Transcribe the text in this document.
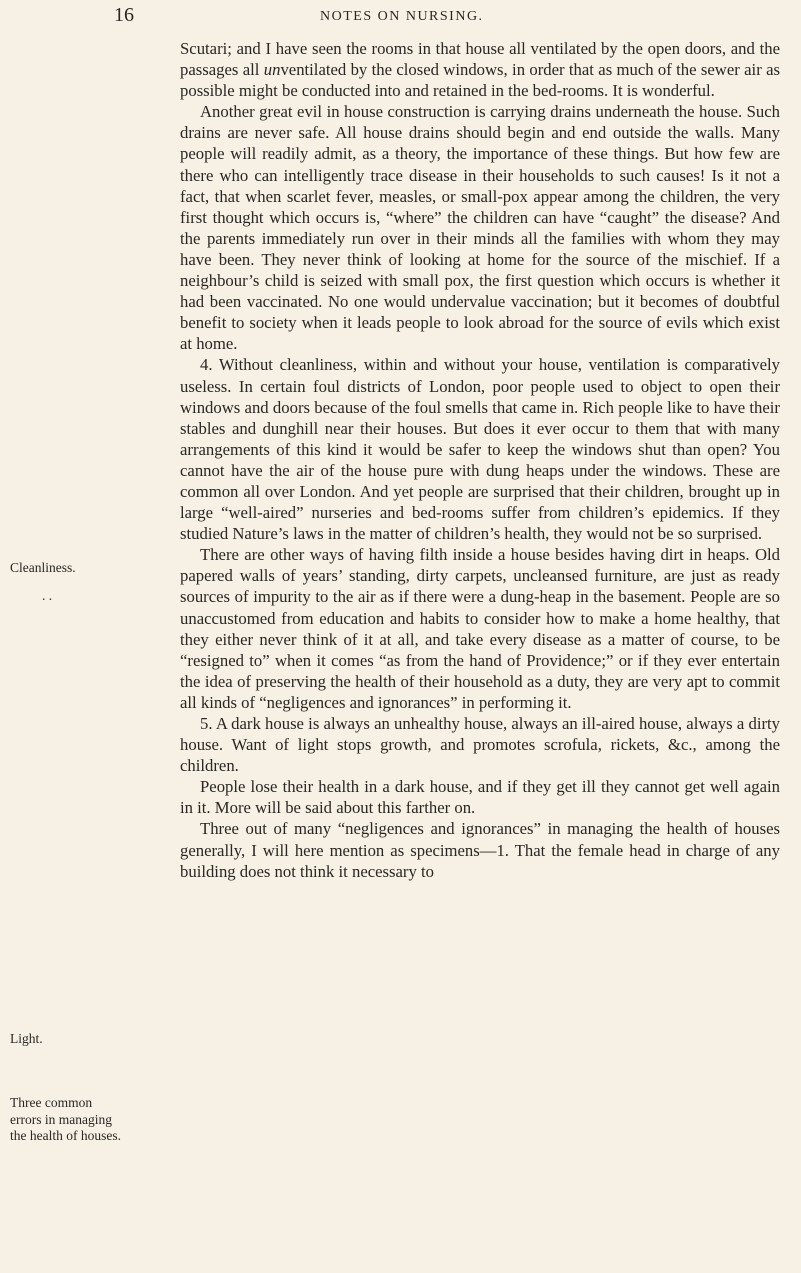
16	NOTES ON NURSING.
Cleanliness.
. .
Light.
Three common errors in managing the health of houses.

Scutari; and I have seen the rooms in that house all ventilated by the open doors, and the passages all unventilated by the closed windows, in order that as much of the sewer air as possible might be conducted into and retained in the bed-rooms. It is wonderful.

Another great evil in house construction is carrying drains underneath the house. Such drains are never safe. All house drains should begin and end outside the walls. Many people will readily admit, as a theory, the importance of these things. But how few are there who can intelligently trace disease in their households to such causes! Is it not a fact, that when scarlet fever, measles, or small-pox appear among the children, the very first thought which occurs is, “where” the children can have “caught” the disease? And the parents immediately run over in their minds all the families with whom they may have been. They never think of looking at home for the source of the mischief. If a neighbour’s child is seized with small pox, the first question which occurs is whether it had been vaccinated. No one would undervalue vaccination; but it becomes of doubtful benefit to society when it leads people to look abroad for the source of evils which exist at home.

4. Without cleanliness, within and without your house, ventilation is comparatively useless. In certain foul districts of London, poor people used to object to open their windows and doors because of the foul smells that came in. Rich people like to have their stables and dunghill near their houses. But does it ever occur to them that with many arrangements of this kind it would be safer to keep the windows shut than open? You cannot have the air of the house pure with dung heaps under the windows. These are common all over London. And yet people are surprised that their children, brought up in large “well-aired” nurseries and bed-rooms suffer from children’s epidemics. If they studied Nature’s laws in the matter of children’s health, they would not be so surprised.

There are other ways of having filth inside a house besides having dirt in heaps. Old papered walls of years’ standing, dirty carpets, uncleansed furniture, are just as ready sources of impurity to the air as if there were a dung-heap in the basement. People are so unaccustomed from education and habits to consider how to make a home healthy, that they either never think of it at all, and take every disease as a matter of course, to be “resigned to” when it comes “as from the hand of Providence;” or if they ever entertain the idea of preserving the health of their household as a duty, they are very apt to commit all kinds of “negligences and ignorances” in performing it.

5. A dark house is always an unhealthy house, always an ill-aired house, always a dirty house. Want of light stops growth, and promotes scrofula, rickets, &c., among the children.

People lose their health in a dark house, and if they get ill they cannot get well again in it. More will be said about this farther on.

Three out of many “negligences and ignorances” in managing the health of houses generally, I will here mention as specimens—1. That the female head in charge of any building does not think it necessary to
